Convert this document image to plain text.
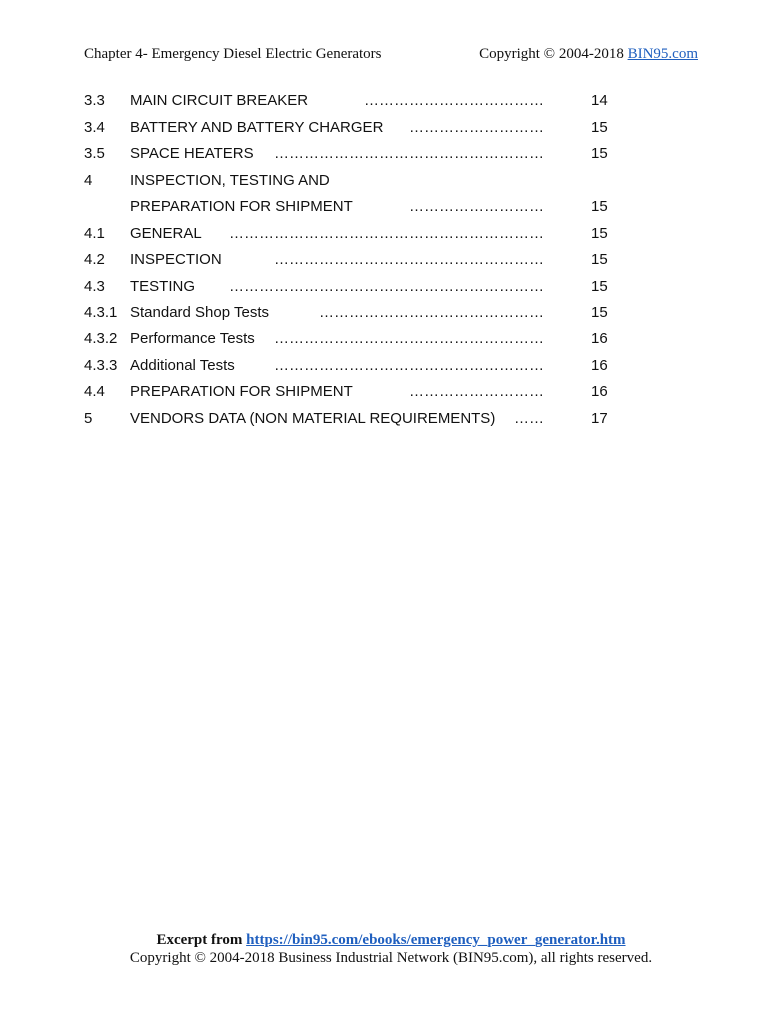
Chapter 4- Emergency Diesel Electric Generators	Copyright © 2004-2018 BIN95.com
3.3 MAIN CIRCUIT BREAKER	………………………………	14
3.4 BATTERY AND BATTERY CHARGER ………………………	15
3.5 SPACE HEATERS ………………………………………………	15
4	INSPECTION, TESTING AND
PREPARATION FOR SHIPMENT	………………………	15
4.1 GENERAL ………………………………………………………	15
4.2 INSPECTION	………………………………………………	15
4.3 TESTING ………………………………………………………	15
4.3.1 Standard Shop Tests	………………………………………	15
4.3.2 Performance Tests ………………………………………………	16
4.3.3 Additional Tests	………………………………………………	16
4.4 PREPARATION FOR SHIPMENT	………………………	16
5	VENDORS DATA (NON MATERIAL REQUIREMENTS) ……	17
Excerpt from https://bin95.com/ebooks/emergency_power_generator.htm
Copyright © 2004-2018 Business Industrial Network (BIN95.com), all rights reserved.
